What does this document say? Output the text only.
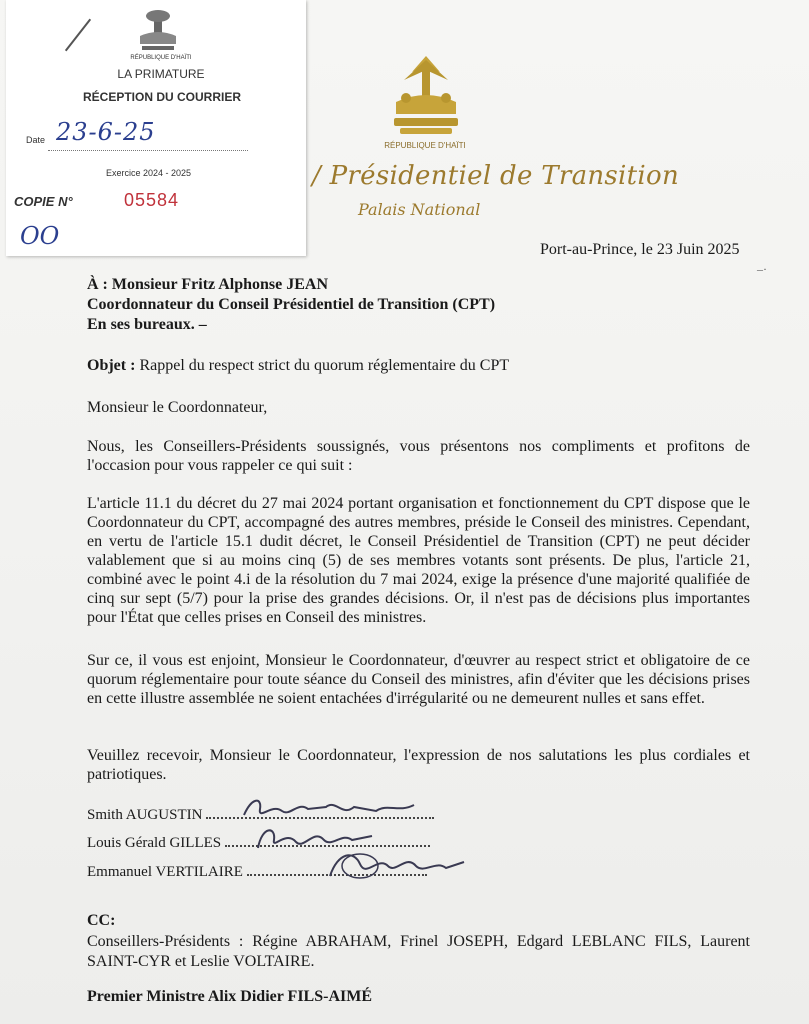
RÉPUBLIQUE D'HAÏTI
LA PRIMATURE
RÉCEPTION DU COURRIER
Date 23-6-25
Exercice 2024 - 2025
COPIE N°	05584
OO
RÉPUBLIQUE D'HAÏTI
/ Présidentiel de Transition
Palais National
Port-au-Prince, le 23 Juin 2025
–·
À : Monsieur Fritz Alphonse JEAN
Coordonnateur du Conseil Présidentiel de Transition (CPT)
En ses bureaux. –
Objet : Rappel du respect strict du quorum réglementaire du CPT
Monsieur le Coordonnateur,
Nous, les Conseillers-Présidents soussignés, vous présentons nos compliments et profitons de l'occasion pour vous rappeler ce qui suit :
L'article 11.1 du décret du 27 mai 2024 portant organisation et fonctionnement du CPT dispose que le Coordonnateur du CPT, accompagné des autres membres, préside le Conseil des ministres. Cependant, en vertu de l'article 15.1 dudit décret, le Conseil Présidentiel de Transition (CPT) ne peut décider valablement que si au moins cinq (5) de ses membres votants sont présents. De plus, l'article 21, combiné avec le point 4.i de la résolution du 7 mai 2024, exige la présence d'une majorité qualifiée de cinq sur sept (5/7) pour la prise des grandes décisions. Or, il n'est pas de décisions plus importantes pour l'État que celles prises en Conseil des ministres.
Sur ce, il vous est enjoint, Monsieur le Coordonnateur, d'œuvrer au respect strict et obligatoire de ce quorum réglementaire pour toute séance du Conseil des ministres, afin d'éviter que les décisions prises en cette illustre assemblée ne soient entachées d'irrégularité ou ne demeurent nulles et sans effet.
Veuillez recevoir, Monsieur le Coordonnateur, l'expression de nos salutations les plus cordiales et patriotiques.
Smith AUGUSTIN
Louis Gérald GILLES
Emmanuel VERTILAIRE
CC:
Conseillers-Présidents : Régine ABRAHAM, Frinel JOSEPH, Edgard LEBLANC FILS, Laurent SAINT-CYR et Leslie VOLTAIRE.
Premier Ministre Alix Didier FILS-AIMÉ
